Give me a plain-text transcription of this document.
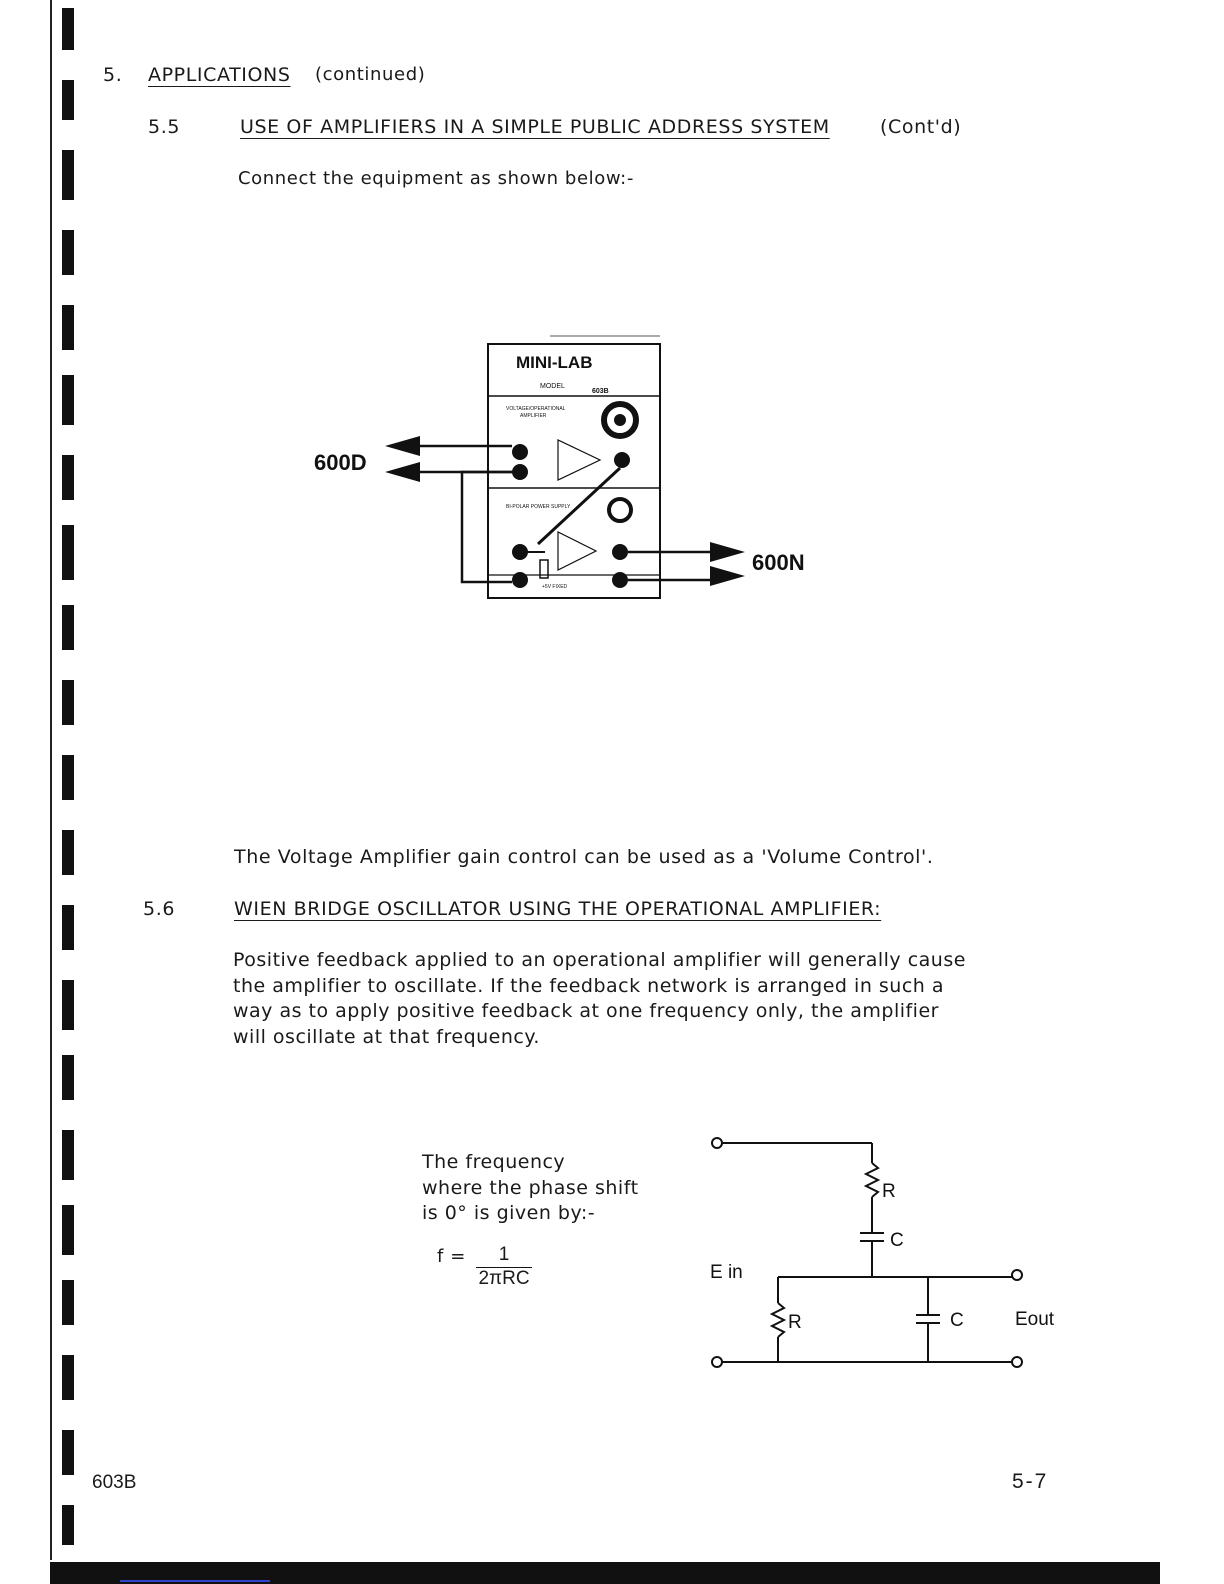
5. APPLICATIONS (continued)
5.5	USE OF AMPLIFIERS IN A SIMPLE PUBLIC ADDRESS SYSTEM	(Cont'd)
Connect the equipment as shown below:-
MINI-LAB
MODEL
603B
VOLTAGE/OPERATIONAL
AMPLIFIER
BI-POLAR POWER SUPPLY
+5V FIXED
600D
600N
The Voltage Amplifier gain control can be used as a 'Volume Control'.
5.6	WIEN BRIDGE OSCILLATOR USING THE OPERATIONAL AMPLIFIER:
Positive feedback applied to an operational amplifier will generally cause
the amplifier to oscillate. If the feedback network is arranged in such a
way as to apply positive feedback at one frequency only, the amplifier
will oscillate at that frequency.
The frequency
where the phase shift
is 0° is given by:-
f =	1
2πRC
R
C
R	C
E in
Eout
603B	5-7
